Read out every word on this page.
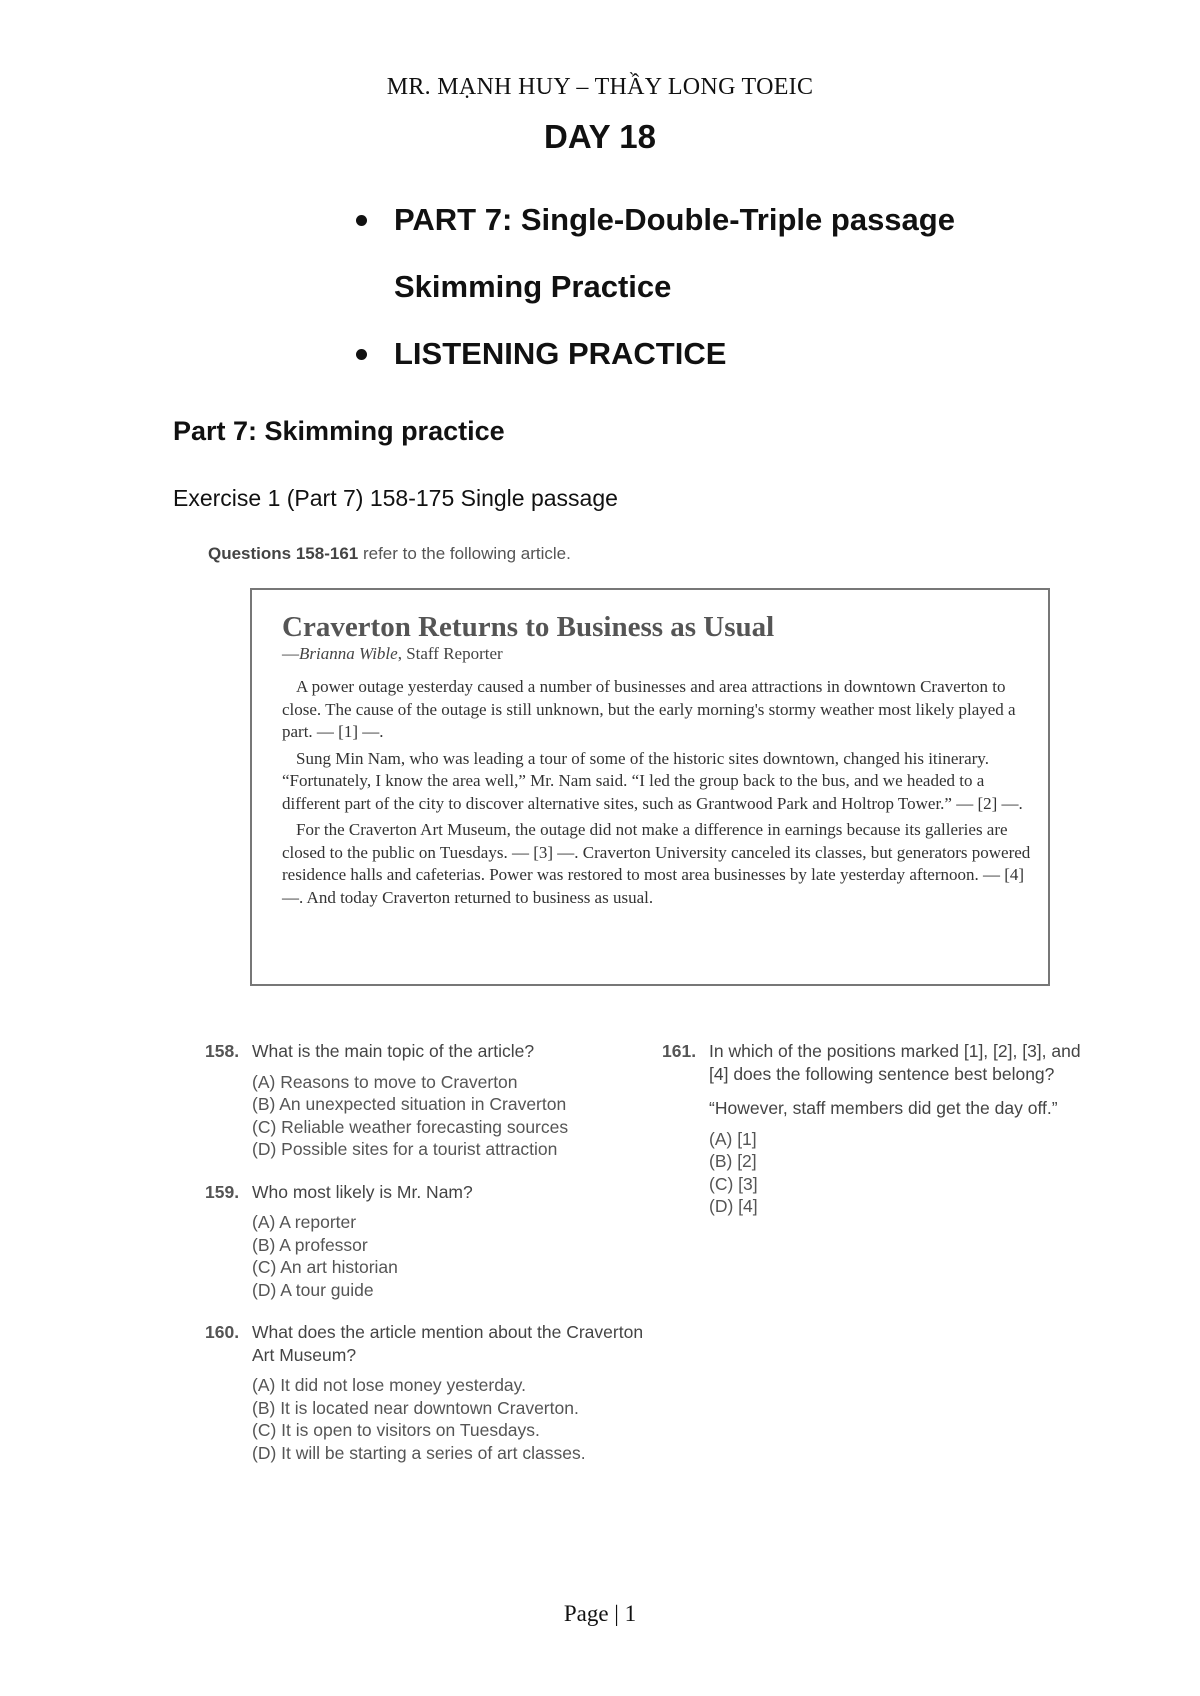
MR. MẠNH HUY – THẦY LONG TOEIC
DAY 18
PART 7: Single-Double-Triple passage
Skimming Practice
LISTENING PRACTICE
Part 7: Skimming practice
Exercise 1 (Part 7) 158-175 Single passage
Questions 158-161 refer to the following article.
Craverton Returns to Business as Usual
—Brianna Wible, Staff Reporter

A power outage yesterday caused a number of businesses and area attractions in downtown Craverton to close. The cause of the outage is still unknown, but the early morning's stormy weather most likely played a part. — [1] —.

Sung Min Nam, who was leading a tour of some of the historic sites downtown, changed his itinerary. “Fortunately, I know the area well,” Mr. Nam said. “I led the group back to the bus, and we headed to a different part of the city to discover alternative sites, such as Grantwood Park and Holtrop Tower.” — [2] —.

For the Craverton Art Museum, the outage did not make a difference in earnings because its galleries are closed to the public on Tuesdays. — [3] —. Craverton University canceled its classes, but generators powered residence halls and cafeterias. Power was restored to most area businesses by late yesterday afternoon. — [4] —. And today Craverton returned to business as usual.

158. What is the main topic of the article?
(A) Reasons to move to Craverton
(B) An unexpected situation in Craverton
(C) Reliable weather forecasting sources
(D) Possible sites for a tourist attraction
159. Who most likely is Mr. Nam?
(A) A reporter
(B) A professor
(C) An art historian
(D) A tour guide
160. What does the article mention about the Craverton Art Museum?
(A) It did not lose money yesterday.
(B) It is located near downtown Craverton.
(C) It is open to visitors on Tuesdays.
(D) It will be starting a series of art classes.
161. In which of the positions marked [1], [2], [3], and [4] does the following sentence best belong?
“However, staff members did get the day off.”
(A) [1]
(B) [2]
(C) [3]
(D) [4]
Page | 1
